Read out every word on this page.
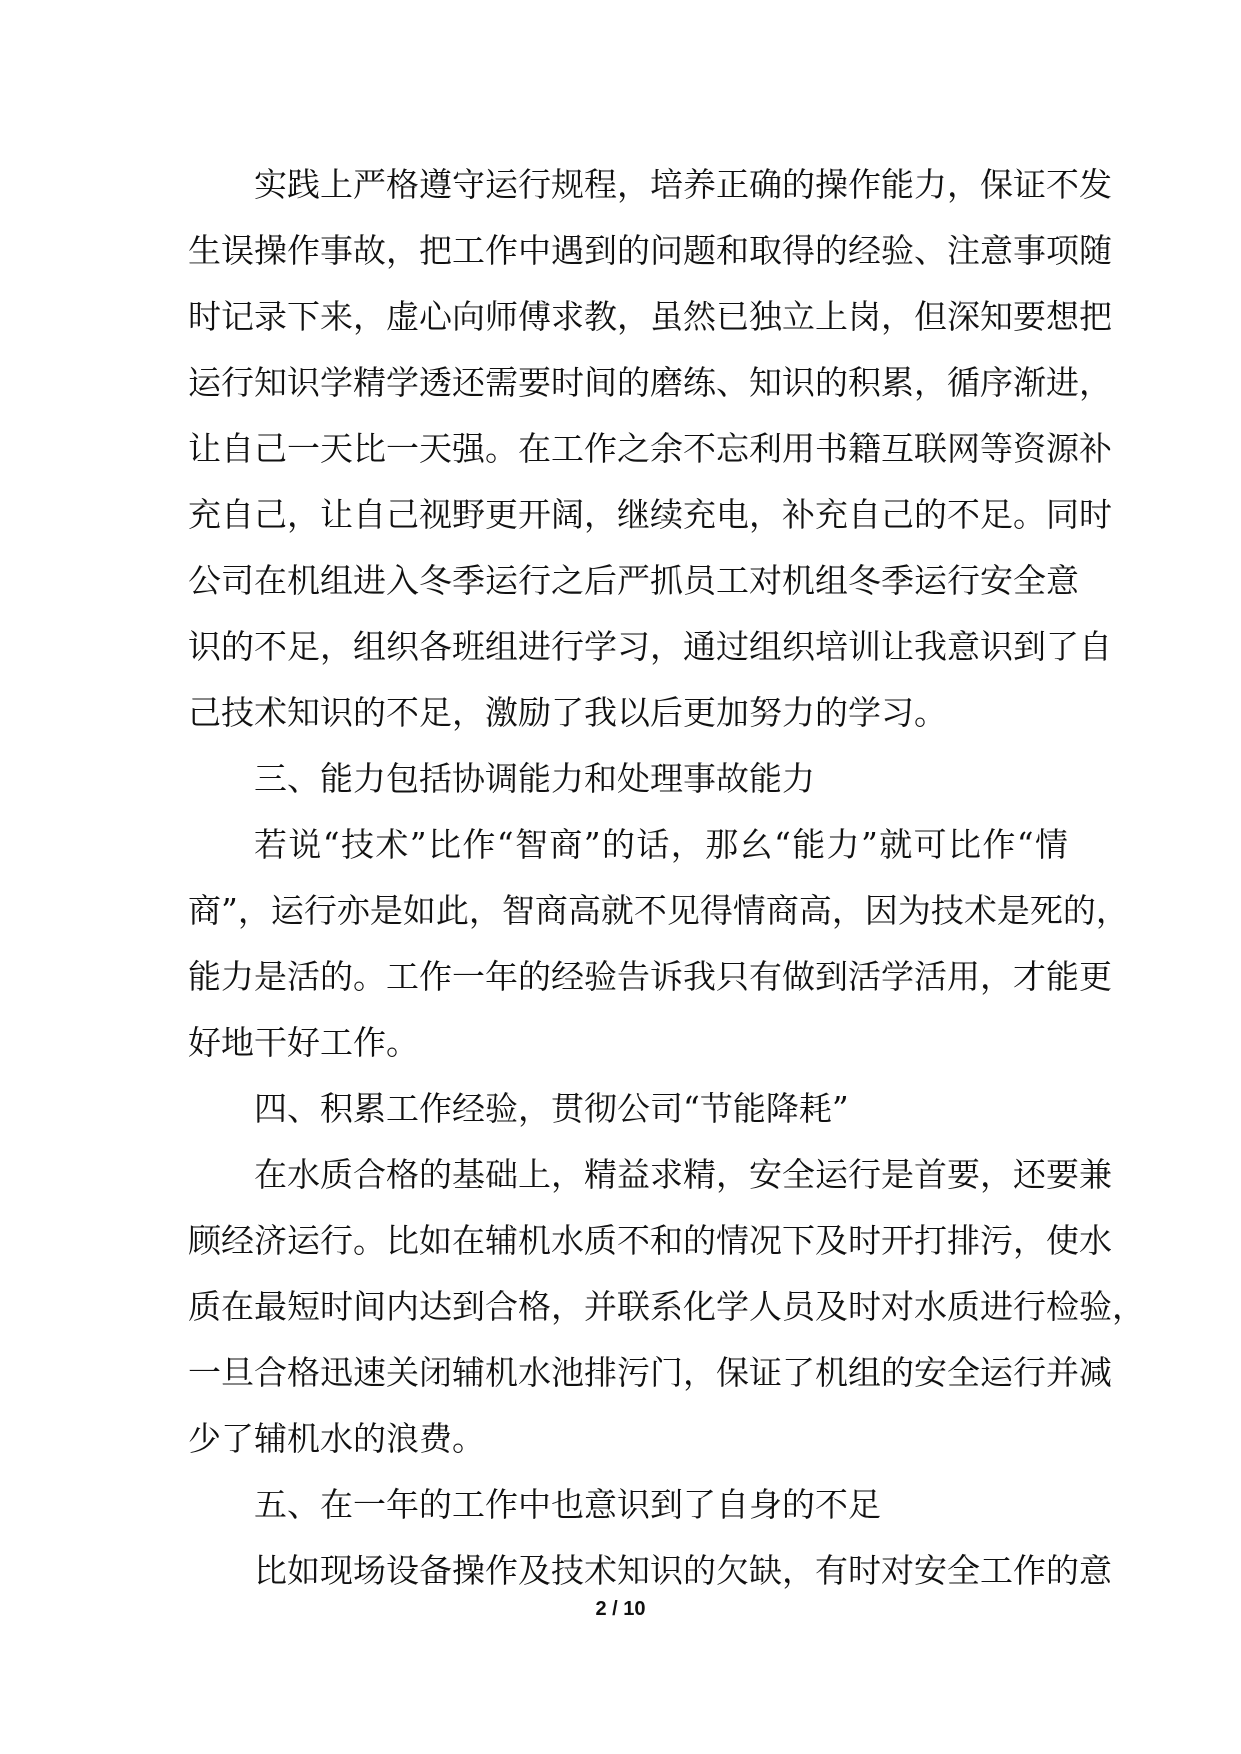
实践上严格遵守运行规程，培养正确的操作能力，保证不发
生误操作事故，把工作中遇到的问题和取得的经验、注意事项随
时记录下来，虚心向师傅求教，虽然已独立上岗，但深知要想把
运行知识学精学透还需要时间的磨练、知识的积累，循序渐进，
让自己一天比一天强。在工作之余不忘利用书籍互联网等资源补
充自己，让自己视野更开阔，继续充电，补充自己的不足。同时
公司在机组进入冬季运行之后严抓员工对机组冬季运行安全意
识的不足，组织各班组进行学习，通过组织培训让我意识到了自
己技术知识的不足，激励了我以后更加努力的学习。
三、能力包括协调能力和处理事故能力
若说“技术”比作“智商”的话，那幺“能力”就可比作“情
商”，运行亦是如此，智商高就不见得情商高，因为技术是死的，
能力是活的。工作一年的经验告诉我只有做到活学活用，才能更
好地干好工作。
四、积累工作经验，贯彻公司“节能降耗”
在水质合格的基础上，精益求精，安全运行是首要，还要兼
顾经济运行。比如在辅机水质不和的情况下及时开打排污，使水
质在最短时间内达到合格，并联系化学人员及时对水质进行检验，
一旦合格迅速关闭辅机水池排污门，保证了机组的安全运行并减
少了辅机水的浪费。
五、在一年的工作中也意识到了自身的不足
比如现场设备操作及技术知识的欠缺，有时对安全工作的意
2 / 10
